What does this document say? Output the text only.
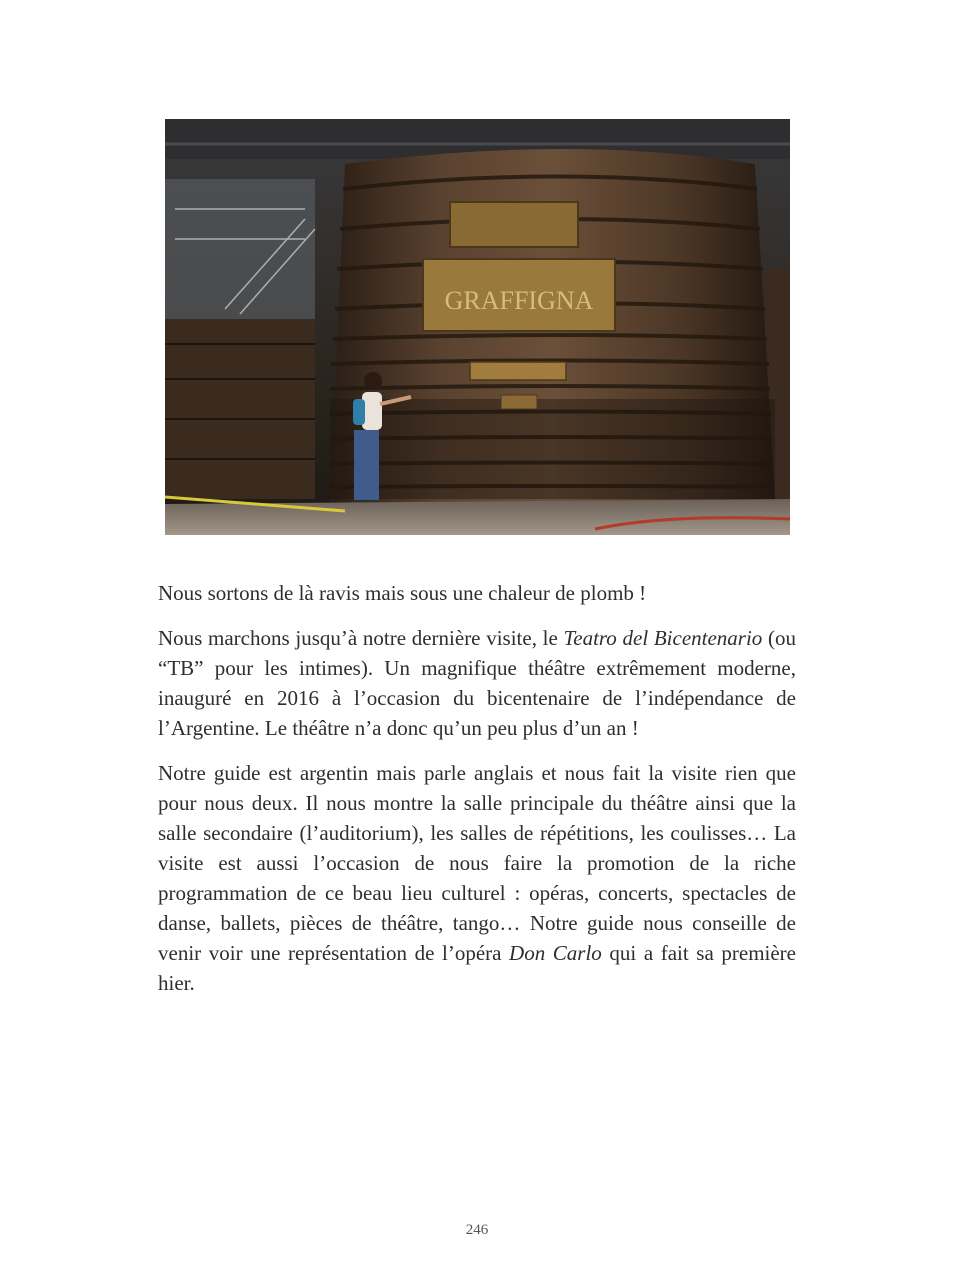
GRAFFIGNA

Nous sortons de là ravis mais sous une chaleur de plomb !

Nous marchons jusqu’à notre dernière visite, le Teatro del Bicentenario (ou “TB” pour les intimes). Un magnifique théâtre extrêmement moderne, inauguré en 2016 à l’occasion du bicentenaire de l’indépendance de l’Argentine. Le théâtre n’a donc qu’un peu plus d’un an !

Notre guide est argentin mais parle anglais et nous fait la visite rien que pour nous deux. Il nous montre la salle principale du théâtre ainsi que la salle secondaire (l’auditorium), les salles de répétitions, les coulisses… La visite est aussi l’occasion de nous faire la promotion de la riche programmation de ce beau lieu culturel : opéras, concerts, spectacles de danse, ballets, pièces de théâtre, tango… Notre guide nous conseille de venir voir une représentation de l’opéra Don Carlo qui a fait sa première hier.

246
